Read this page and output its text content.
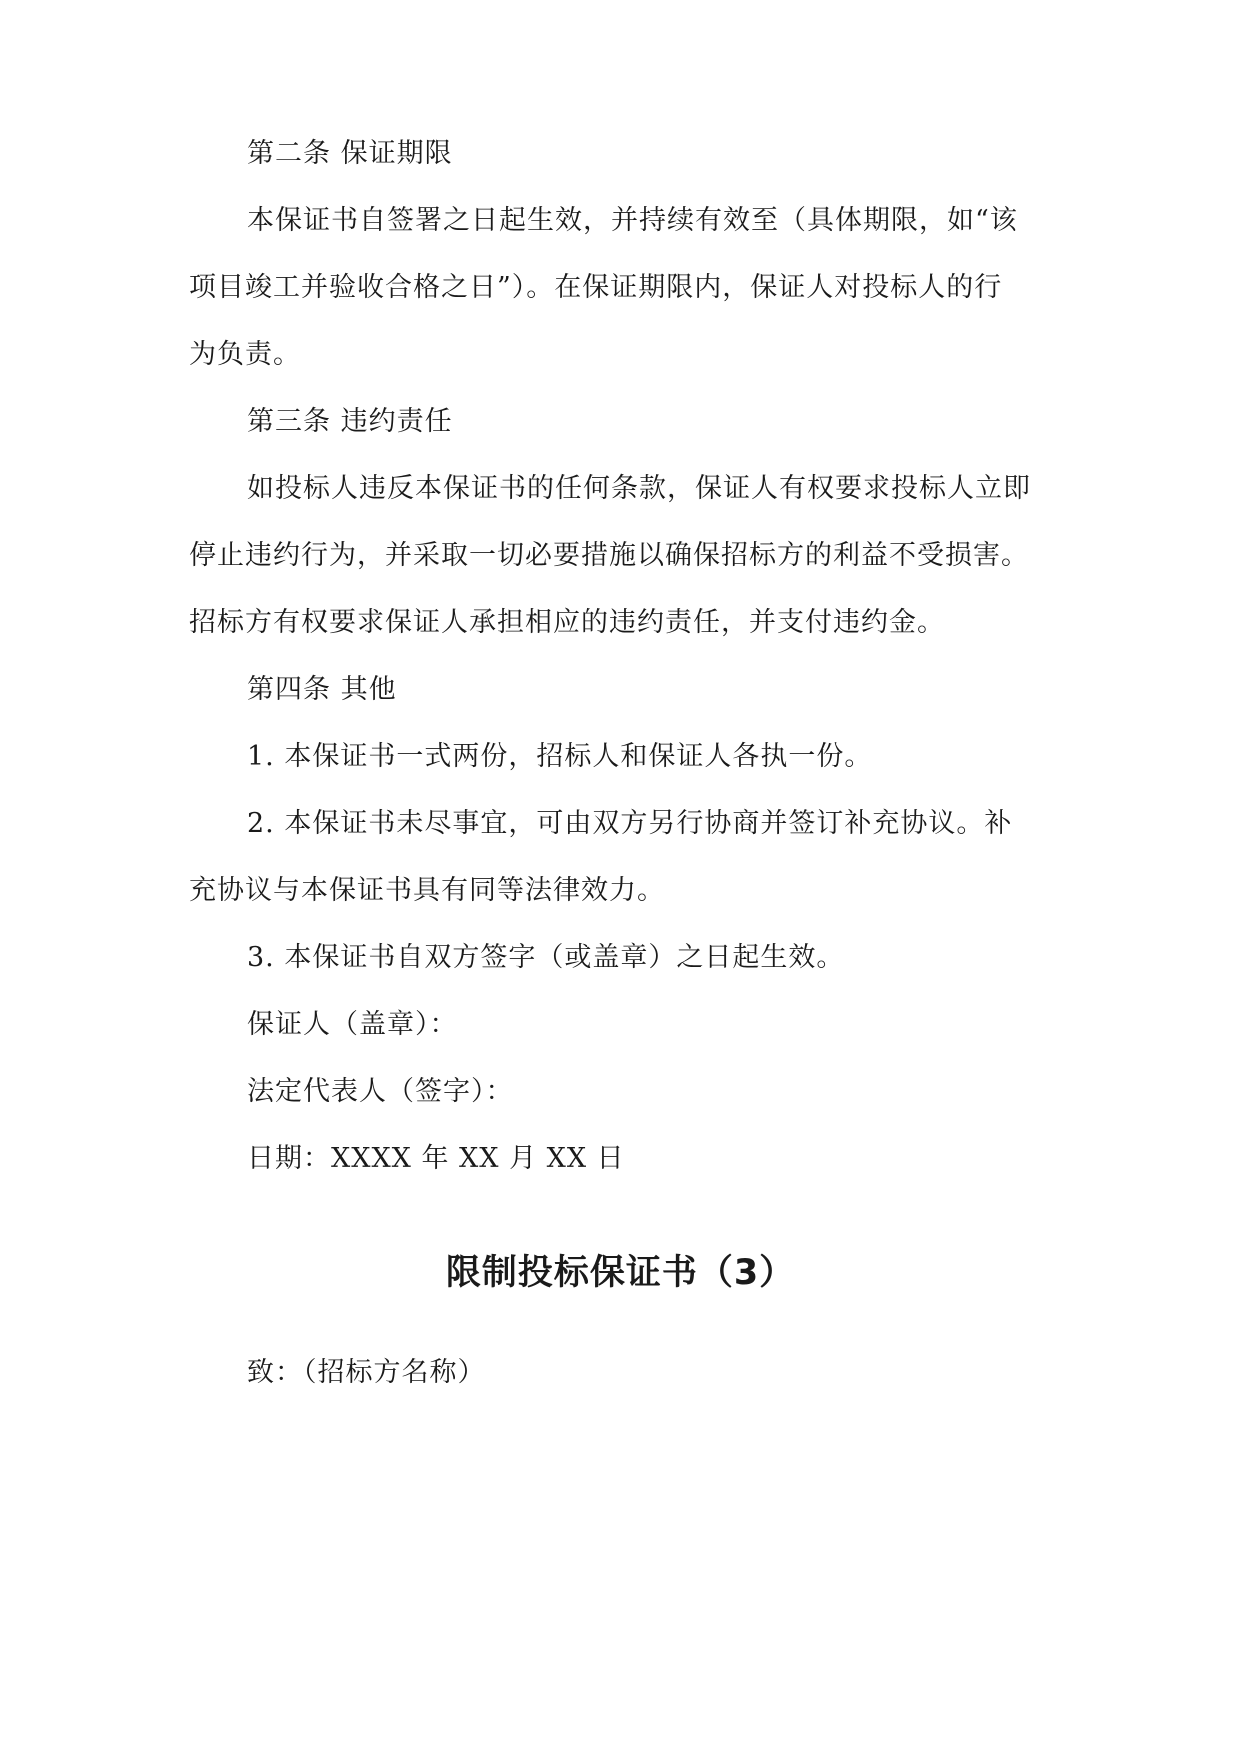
第二条 保证期限
本保证书自签署之日起生效，并持续有效至（具体期限，如“该
项目竣工并验收合格之日”）。在保证期限内，保证人对投标人的行
为负责。
第三条 违约责任
如投标人违反本保证书的任何条款，保证人有权要求投标人立即
停止违约行为，并采取一切必要措施以确保招标方的利益不受损害。
招标方有权要求保证人承担相应的违约责任，并支付违约金。
第四条 其他
1. 本保证书一式两份，招标人和保证人各执一份。
2. 本保证书未尽事宜，可由双方另行协商并签订补充协议。补
充协议与本保证书具有同等法律效力。
3. 本保证书自双方签字（或盖章）之日起生效。
保证人（盖章）：
法定代表人（签字）：
日期：XXXX 年 XX 月 XX 日
限制投标保证书（3）
致：（招标方名称）
